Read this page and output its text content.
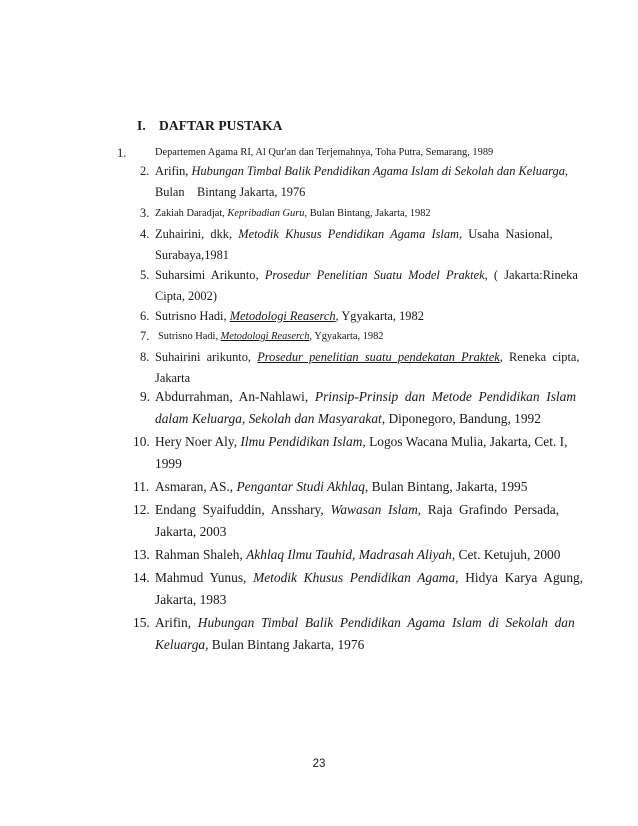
I. DAFTAR PUSTAKA
1.	Departemen Agama RI, Al Qur'an dan Terjemahnya, Toha Putra, Semarang, 1989
2. Arifin, Hubungan Timbal Balik Pendidikan Agama Islam di Sekolah dan Keluarga,
Bulan    Bintang Jakarta, 1976
3. Zakiah Daradjat, Kepribadian Guru, Bulan Bintang, Jakarta, 1982
4. Zuhairini,  dkk,  Metodik  Khusus  Pendidikan  Agama  Islam,  Usaha  Nasional,
Surabaya,1981
5. Suharsimi  Arikunto,  Prosedur  Penelitian  Suatu  Model  Praktek,  (  Jakarta:Rineka
Cipta, 2002)
6. Sutrisno Hadi, Metodologi Reaserch, Ygyakarta, 1982
7. Sutrisno Hadi, Metodologi Reaserch, Ygyakarta, 1982
8. Suhairini  arikunto,  Prosedur  penelitian  suatu  pendekatan  Praktek,  Reneka  cipta,
Jakarta
9. Abdurrahman,  An-Nahlawi,  Prinsip-Prinsip  dan  Metode  Pendidikan  Islam
dalam Keluarga, Sekolah dan Masyarakat, Diponegoro, Bandung, 1992
10. Hery Noer Aly, Ilmu Pendidikan Islam, Logos Wacana Mulia, Jakarta, Cet. I,
1999
11. Asmaran, AS., Pengantar Studi Akhlaq, Bulan Bintang, Jakarta, 1995
12. Endang  Syaifuddin,  Ansshary,  Wawasan  Islam,  Raja  Grafindo  Persada,
Jakarta, 2003
13. Rahman Shaleh, Akhlaq Ilmu Tauhid, Madrasah Aliyah, Cet. Ketujuh, 2000
14. Mahmud  Yunus,  Metodik  Khusus  Pendidikan  Agama,  Hidya  Karya  Agung,
Jakarta, 1983
15. Arifin,  Hubungan  Timbal  Balik  Pendidikan  Agama  Islam  di  Sekolah  dan
Keluarga, Bulan Bintang Jakarta, 1976
23
